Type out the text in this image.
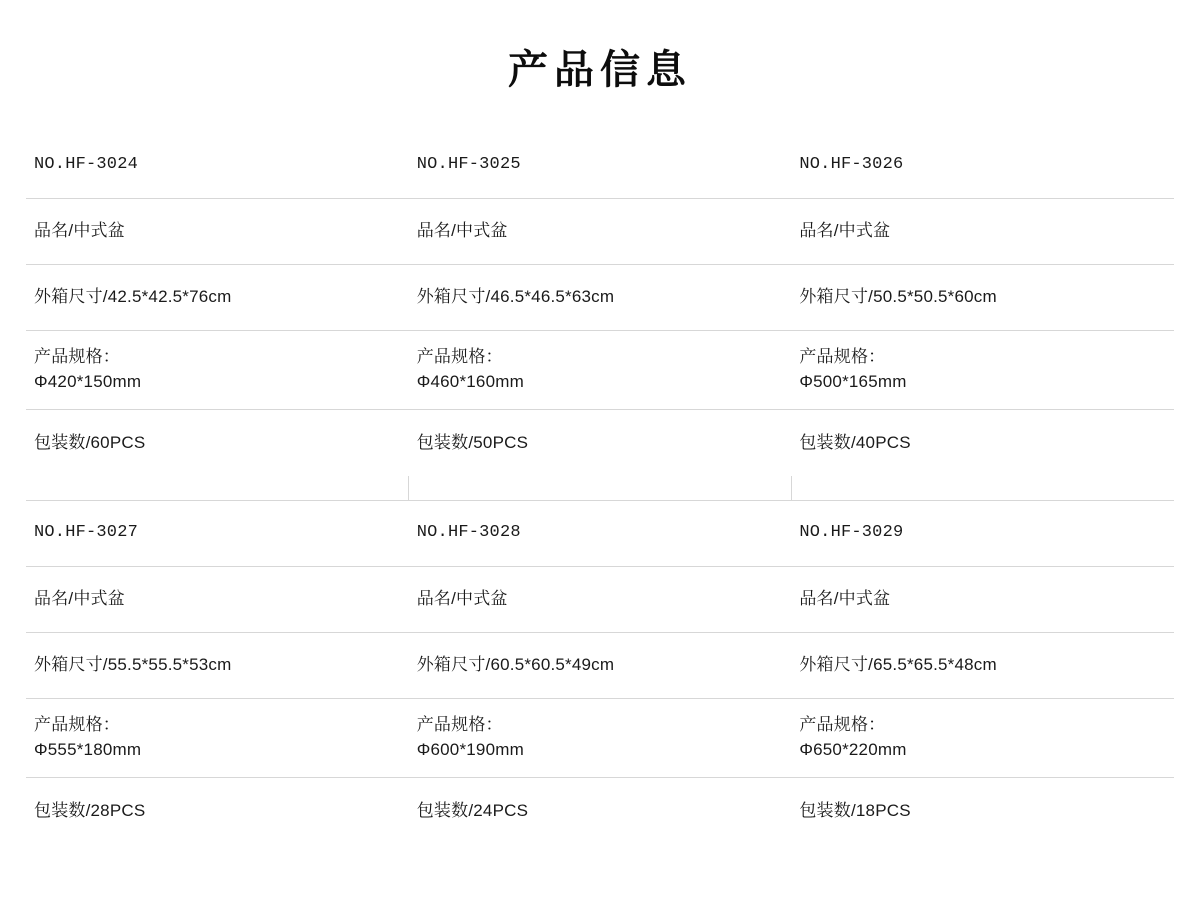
产品信息
NO.HF-3024
品名/中式盆
外箱尺寸/42.5*42.5*76cm
产品规格：
Φ420*150mm
包装数/60PCS

NO.HF-3025
品名/中式盆
外箱尺寸/46.5*46.5*63cm
产品规格：
Φ460*160mm
包装数/50PCS

NO.HF-3026
品名/中式盆
外箱尺寸/50.5*50.5*60cm
产品规格：
Φ500*165mm
包装数/40PCS

NO.HF-3027
品名/中式盆
外箱尺寸/55.5*55.5*53cm
产品规格：
Φ555*180mm
包装数/28PCS

NO.HF-3028
品名/中式盆
外箱尺寸/60.5*60.5*49cm
产品规格：
Φ600*190mm
包装数/24PCS

NO.HF-3029
品名/中式盆
外箱尺寸/65.5*65.5*48cm
产品规格：
Φ650*220mm
包装数/18PCS
